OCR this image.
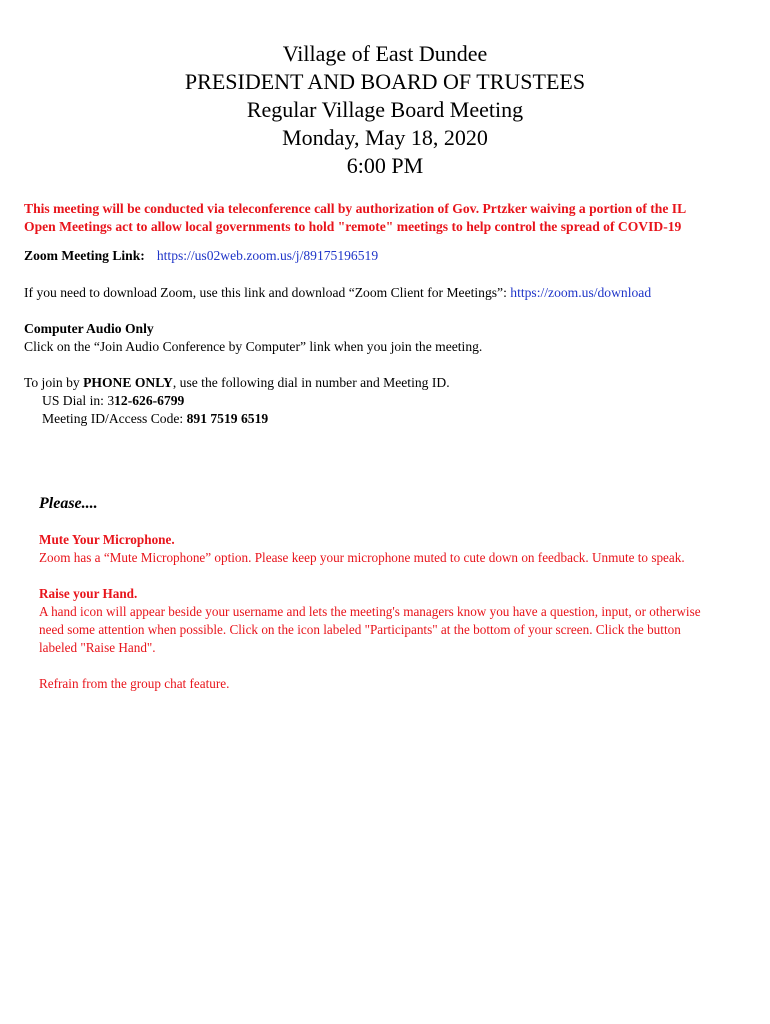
Village of East Dundee
PRESIDENT AND BOARD OF TRUSTEES
Regular Village Board Meeting
Monday, May 18, 2020
6:00 PM
This meeting will be conducted via teleconference call by authorization of Gov. Prtzker waiving a portion of the IL
Open Meetings act to allow local governments to hold "remote" meetings to help control the spread of COVID-19
Zoom Meeting Link: https://us02web.zoom.us/j/89175196519
If you need to download Zoom, use this link and download “Zoom Client for Meetings”: https://zoom.us/download
Computer Audio Only
Click on the “Join Audio Conference by Computer” link when you join the meeting.
To join by PHONE ONLY, use the following dial in number and Meeting ID.
US Dial in: 312-626-6799
Meeting ID/Access Code: 891 7519 6519
Please....
Mute Your Microphone.
Zoom has a “Mute Microphone” option. Please keep your microphone muted to cute down on feedback. Unmute to speak.
Raise your Hand.
A hand icon will appear beside your username and lets the meeting's managers know you have a question, input, or otherwise
need some attention when possible. Click on the icon labeled "Participants" at the bottom of your screen. Click the button
labeled "Raise Hand".
Refrain from the group chat feature.
